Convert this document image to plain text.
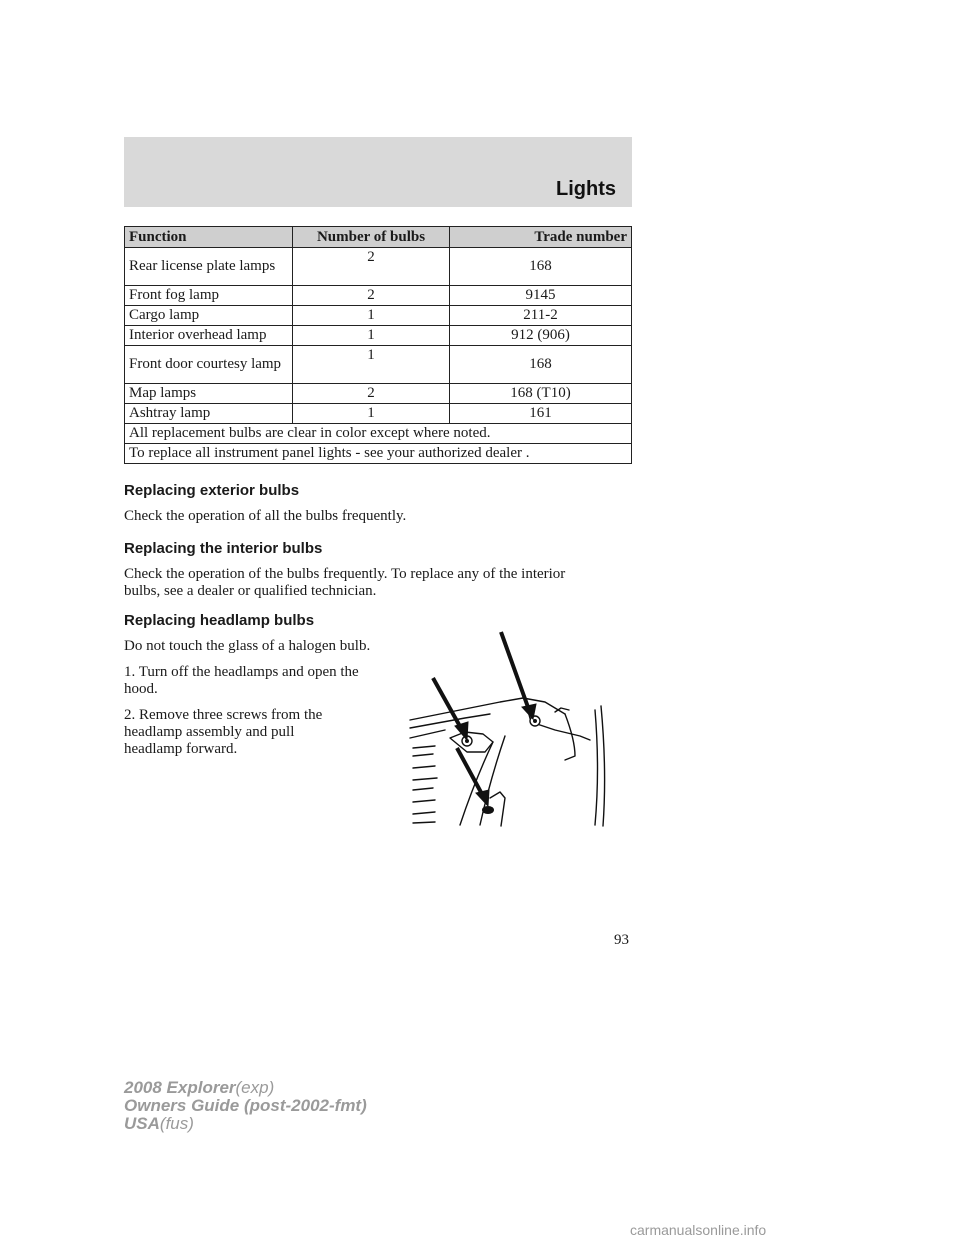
Lights
Function	Number of bulbs	Trade number
Rear license plate lamps	2	168
Front fog lamp	2	9145
Cargo lamp	1	211-2
Interior overhead lamp	1	912 (906)
Front door courtesy lamp	1	168
Map lamps	2	168 (T10)
Ashtray lamp	1	161
All replacement bulbs are clear in color except where noted.		
To replace all instrument panel lights - see your authorized dealer .		

Replacing exterior bulbs

Check the operation of all the bulbs frequently.

Replacing the interior bulbs

Check the operation of the bulbs frequently. To replace any of the interior bulbs, see a dealer or qualified technician.

Replacing headlamp bulbs

Do not touch the glass of a halogen bulb.

1. Turn off the headlamps and open the hood.

2. Remove three screws from the headlamp assembly and pull headlamp forward.

93
2008 Explorer(exp)
Owners Guide (post-2002-fmt)
USA(fus)
carmanualsonline.info
